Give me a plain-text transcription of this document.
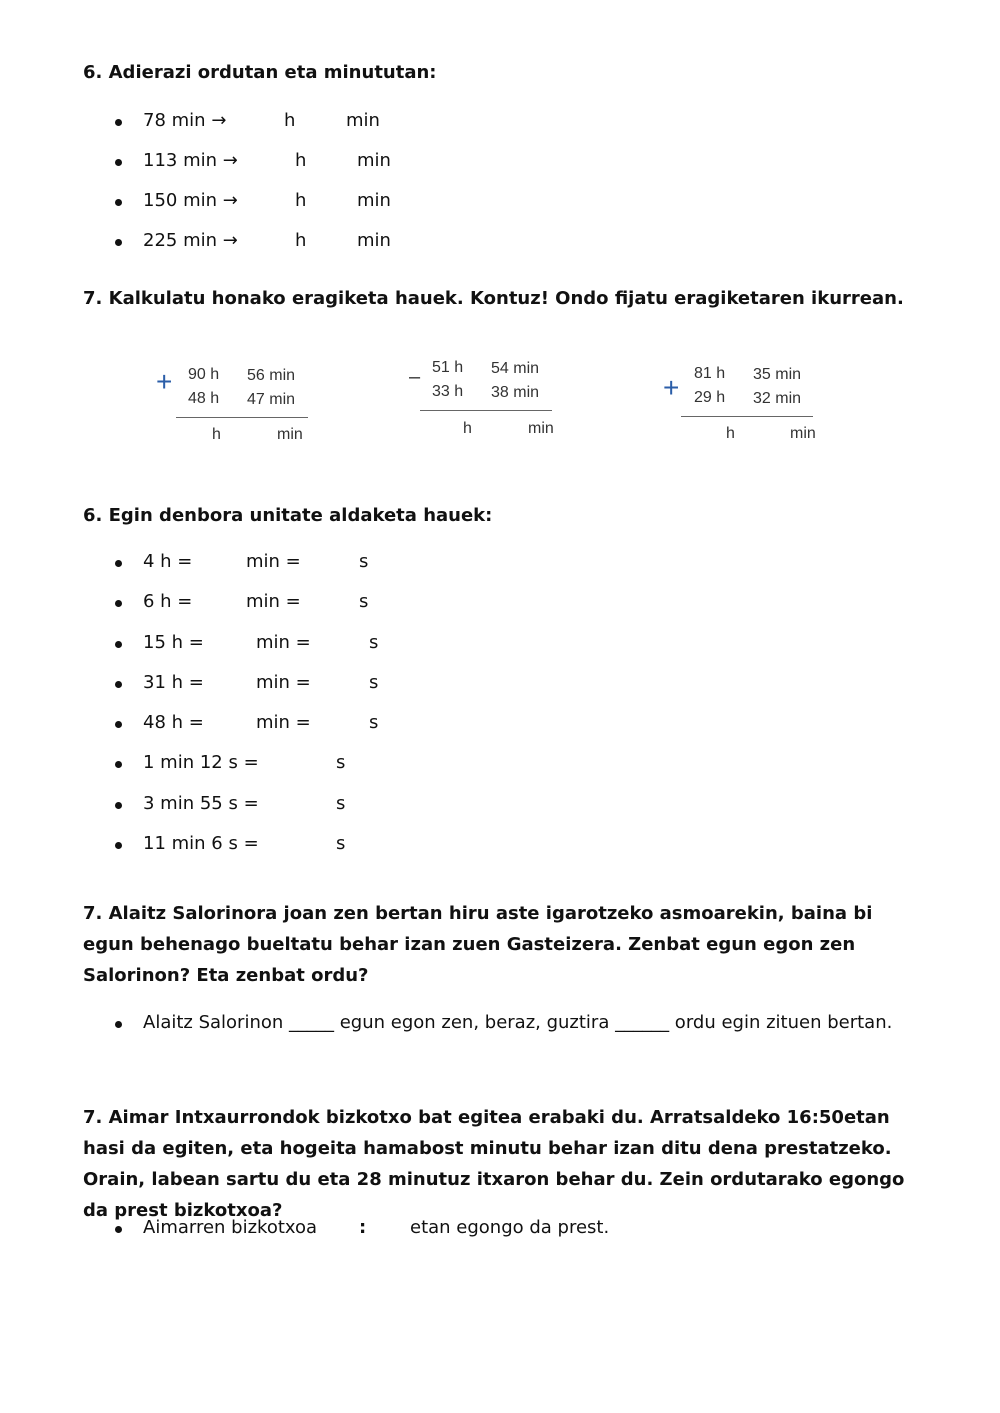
6. Adierazi ordutan eta minututan:
78 min →	h	min
113 min →	h	min
150 min →	h	min
225 min →	h	min
7. Kalkulatu honako eragiketa hauek. Kontuz! Ondo fijatu eragiketaren ikurrean.
+ 90 h 56 min
48 h 47 min
h	min
– 51 h 54 min
33 h 38 min
h	min
+ 81 h 35 min
29 h 32 min
h	min
6. Egin denbora unitate aldaketa hauek:
4 h =	min =	s
6 h =	min =	s
15 h =	min =	s
31 h =	min =	s
48 h =	min =	s
1 min 12 s =	s
3 min 55 s =	s
11 min 6 s =	s
7. Alaitz Salorinora joan zen bertan hiru aste igarotzeko asmoarekin, baina bi egun behenago bueltatu behar izan zuen Gasteizera. Zenbat egun egon zen Salorinon? Eta zenbat ordu?
Alaitz Salorinon _____ egun egon zen, beraz, guztira ______ ordu egin zituen bertan.
7. Aimar Intxaurrondok bizkotxo bat egitea erabaki du. Arratsaldeko 16:50etan hasi da egiten, eta hogeita hamabost minutu behar izan ditu dena prestatzeko. Orain, labean sartu du eta 28 minutuz itxaron behar du. Zein ordutarako egongo da prest bizkotxoa?
Aimarren bizkotxoa : etan egongo da prest.
